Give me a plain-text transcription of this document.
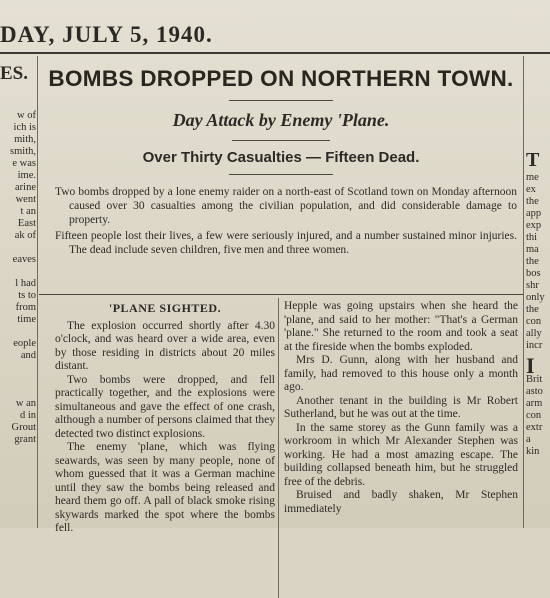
DAY, JULY 5, 1940.
ES.
w of
ich is
mith,
smith,
e was
ime.
arine
went
t an
East
ak of

eaves

l had
ts to
from
time

eople
and

w an
d in
Grout
grant
T
me
ex
the
app
exp
thi
ma
the
bos
shr
only
the
con
ally
incr
I
Brit
asto
arm
con
extr
a
kin
BOMBS DROPPED ON NORTHERN TOWN.
Day Attack by Enemy 'Plane.
Over Thirty Casualties — Fifteen Dead.

Two bombs dropped by a lone enemy raider on a north-east of Scotland town on Monday afternoon caused over 30 casualties among the civilian population, and did considerable damage to property.

Fifteen people lost their lives, a few were seriously injured, and a number sustained minor injuries. The dead include seven children, five men and three women.

'PLANE SIGHTED.

The explosion occurred shortly after 4.30 o'clock, and was heard over a wide area, even by those residing in districts about 20 miles distant.

Two bombs were dropped, and fell practically together, and the explosions were simultaneous and gave the effect of one crash, although a number of persons claimed that they detected two distinct explosions.

The enemy 'plane, which was flying seawards, was seen by many people, none of whom guessed that it was a German machine until they saw the bombs being released and heard them go off. A pall of black smoke rising skywards marked the spot where the bombs fell.

Hepple was going upstairs when she heard the 'plane, and said to her mother: "That's a German 'plane." She returned to the room and took a seat at the fireside when the bombs exploded.

Mrs D. Gunn, along with her husband and family, had removed to this house only a month ago.

Another tenant in the building is Mr Robert Sutherland, but he was out at the time.

In the same storey as the Gunn family was a workroom in which Mr Alexander Stephen was working. He had a most amazing escape. The building collapsed beneath him, but he struggled free of the debris.

Bruised and badly shaken, Mr Stephen immediately
